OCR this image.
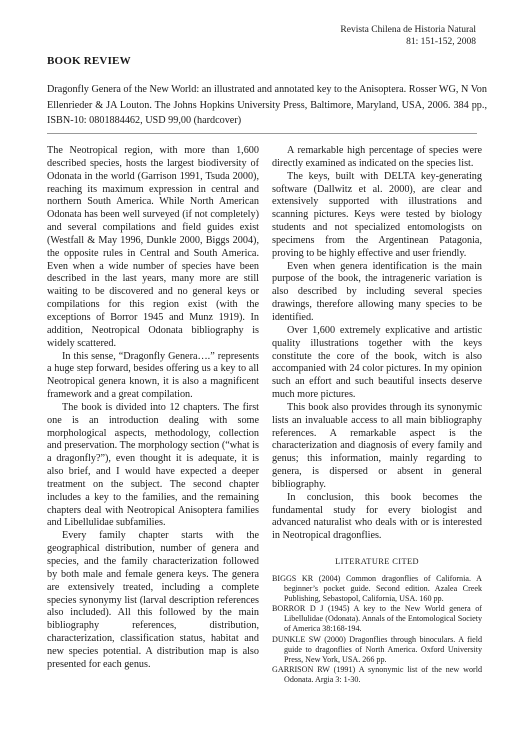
Revista Chilena de Historia Natural
81: 151-152, 2008
BOOK REVIEW
Dragonfly Genera of the New World: an illustrated and annotated key to the Anisoptera. Rosser WG, N Von Ellenrieder & JA Louton. The Johns Hopkins University Press, Baltimore, Maryland, USA, 2006. 384 pp., ISBN-10: 0801884462, USD 99,00 (hardcover)

The Neotropical region, with more than 1,600 described species, hosts the largest biodiversity of Odonata in the world (Garrison 1991, Tsuda 2000), reaching its maximum expression in central and northern South America. While North American Odonata has been well surveyed (if not completely) and several compilations and field guides exist (Westfall & May 1996, Dunkle 2000, Biggs 2004), the opposite rules in Central and South America. Even when a wide number of species have been described in the last years, many more are still waiting to be discovered and no general keys or compilations for this region exist (with the exceptions of Borror 1945 and Munz 1919). In addition, Neotropical Odonata bibliography is widely scattered.

In this sense, “Dragonfly Genera….” represents a huge step forward, besides offering us a key to all Neotropical genera known, it is also a magnificent framework and a great compilation.

The book is divided into 12 chapters. The first one is an introduction dealing with some morphological aspects, methodology, collection and preservation. The morphology section (“what is a dragonfly?”), even thought it is adequate, it is also brief, and I would have expected a deeper treatment on the subject. The second chapter includes a key to the families, and the remaining chapters deal with Neotropical Anisoptera families and Libellulidae subfamilies.

Every family chapter starts with the geographical distribution, number of genera and species, and the family characterization followed by both male and female genera keys. The genera are extensively treated, including a complete species synonymy list (larval description references also included). All this followed by the main bibliography references, distribution, characterization, classification status, habitat and new species potential. A distribution map is also presented for each genus.

A remarkable high percentage of species were directly examined as indicated on the species list.

The keys, built with DELTA key-generating software (Dallwitz et al. 2000), are clear and extensively supported with illustrations and scanning pictures. Keys were tested by biology students and not specialized entomologists on specimens from the Argentinean Patagonia, proving to be highly effective and user friendly.

Even when genera identification is the main purpose of the book, the intrageneric variation is also described by including several species drawings, therefore allowing many species to be identified.

Over 1,600 extremely explicative and artistic quality illustrations together with the keys constitute the core of the book, witch is also accompanied with 24 color pictures. In my opinion such an effort and such beautiful insects deserve much more pictures.

This book also provides through its synonymic lists an invaluable access to all main bibliography references. A remarkable aspect is the characterization and diagnosis of every family and genus; this information, mainly regarding to genera, is dispersed or absent in general bibliography.

In conclusion, this book becomes the fundamental study for every biologist and advanced naturalist who deals with or is interested in Neotropical dragonflies.

LITERATURE CITED

BIGGS KR (2004) Common dragonflies of California. A beginner’s pocket guide. Second edition. Azalea Creek Publishing, Sebastopol, California, USA. 160 pp.

BORROR D J (1945) A key to the New World genera of Libellulidae (Odonata). Annals of the Entomological Society of America 38:168-194.

DUNKLE SW (2000) Dragonflies through binoculars. A field guide to dragonflies of North America. Oxford University Press, New York, USA. 266 pp.

GARRISON RW (1991) A synonymic list of the new world Odonata. Argia 3: 1-30.
